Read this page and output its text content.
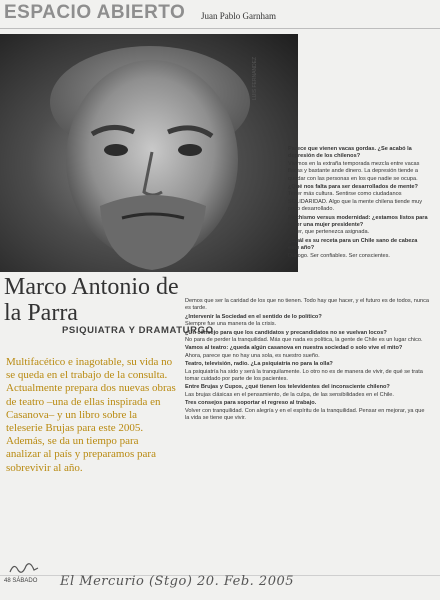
ESPACIO ABIERTO Juan Pablo Garnham
LUIS FERNANDEZ
Marco Antonio de la Parra
PSIQUIATRA Y DRAMATURGO
Multifacético e inagotable, su vida no se queda en el trabajo de la consulta. Actualmente prepara dos nuevas obras de teatro –una de ellas inspirada en Casanova– y un libro sobre la teleserie Brujas para este 2005. Además, se da un tiempo para analizar al país y preparamos para sobrevivir al año.
Parece que vienen vacas gordas. ¿Se acabó la depresión de los chilenos?
Vivimos en la extraña temporada mezcla entre vacas flacas y bastante ande dinero. La depresión tiende a quedar con las personas en los que nadie se ocupa.
¿Qué nos falta para ser desarrollados de mente?
Tener más cultura. Sentirse como ciudadanos SOLIDARIDAD. Algo que la mente chilena tiende muy poco desarrollado.
Machismo versus modernidad: ¿estamos listos para tener una mujer presidente?
Mujer, que pertenezca asignada.
¿Cuál es su receta para un Chile sano de cabeza este año?
Diálogo. Ser confiables. Ser conscientes.
Demos que ser la caridad de los que no tienen. Todo hay que hacer, y el futuro es de todos, nunca es tarde.
¿Intervenir la Sociedad en el sentido de lo político?
Siempre fue una manera de la crisis.
¿Un consejo para que los candidatos y precandidatos no se vuelvan locos?
No para de perder la tranquilidad. Más que nada es política, la gente de Chile es un lugar chico.
Vamos al teatro: ¿queda algún casanova en nuestra sociedad o solo vive el mito?
Ahora, parece que no hay una sola, es nuestro sueño.
Teatro, televisión, radio. ¿La psiquiatría no para la olla?
La psiquiatría ha sido y será la tranquilamente. Lo otro no es de manera de vivir, de qué se trata tomar cuidado por parte de los pacientes.
Entre Brujas y Cupos, ¿qué tienen los televidentes del inconsciente chileno?
Las brujas clásicas en el pensamiento, de la culpa, de las sensibilidades en el Chile.
Tres consejos para soportar el regreso al trabajo.
Volver con tranquilidad. Con alegría y en el espíritu de la tranquilidad. Pensar en mejorar, ya que la vida se tiene que vivir.
48 SÁBADO El Mercurio (Stgo) 20. Feb. 2005
